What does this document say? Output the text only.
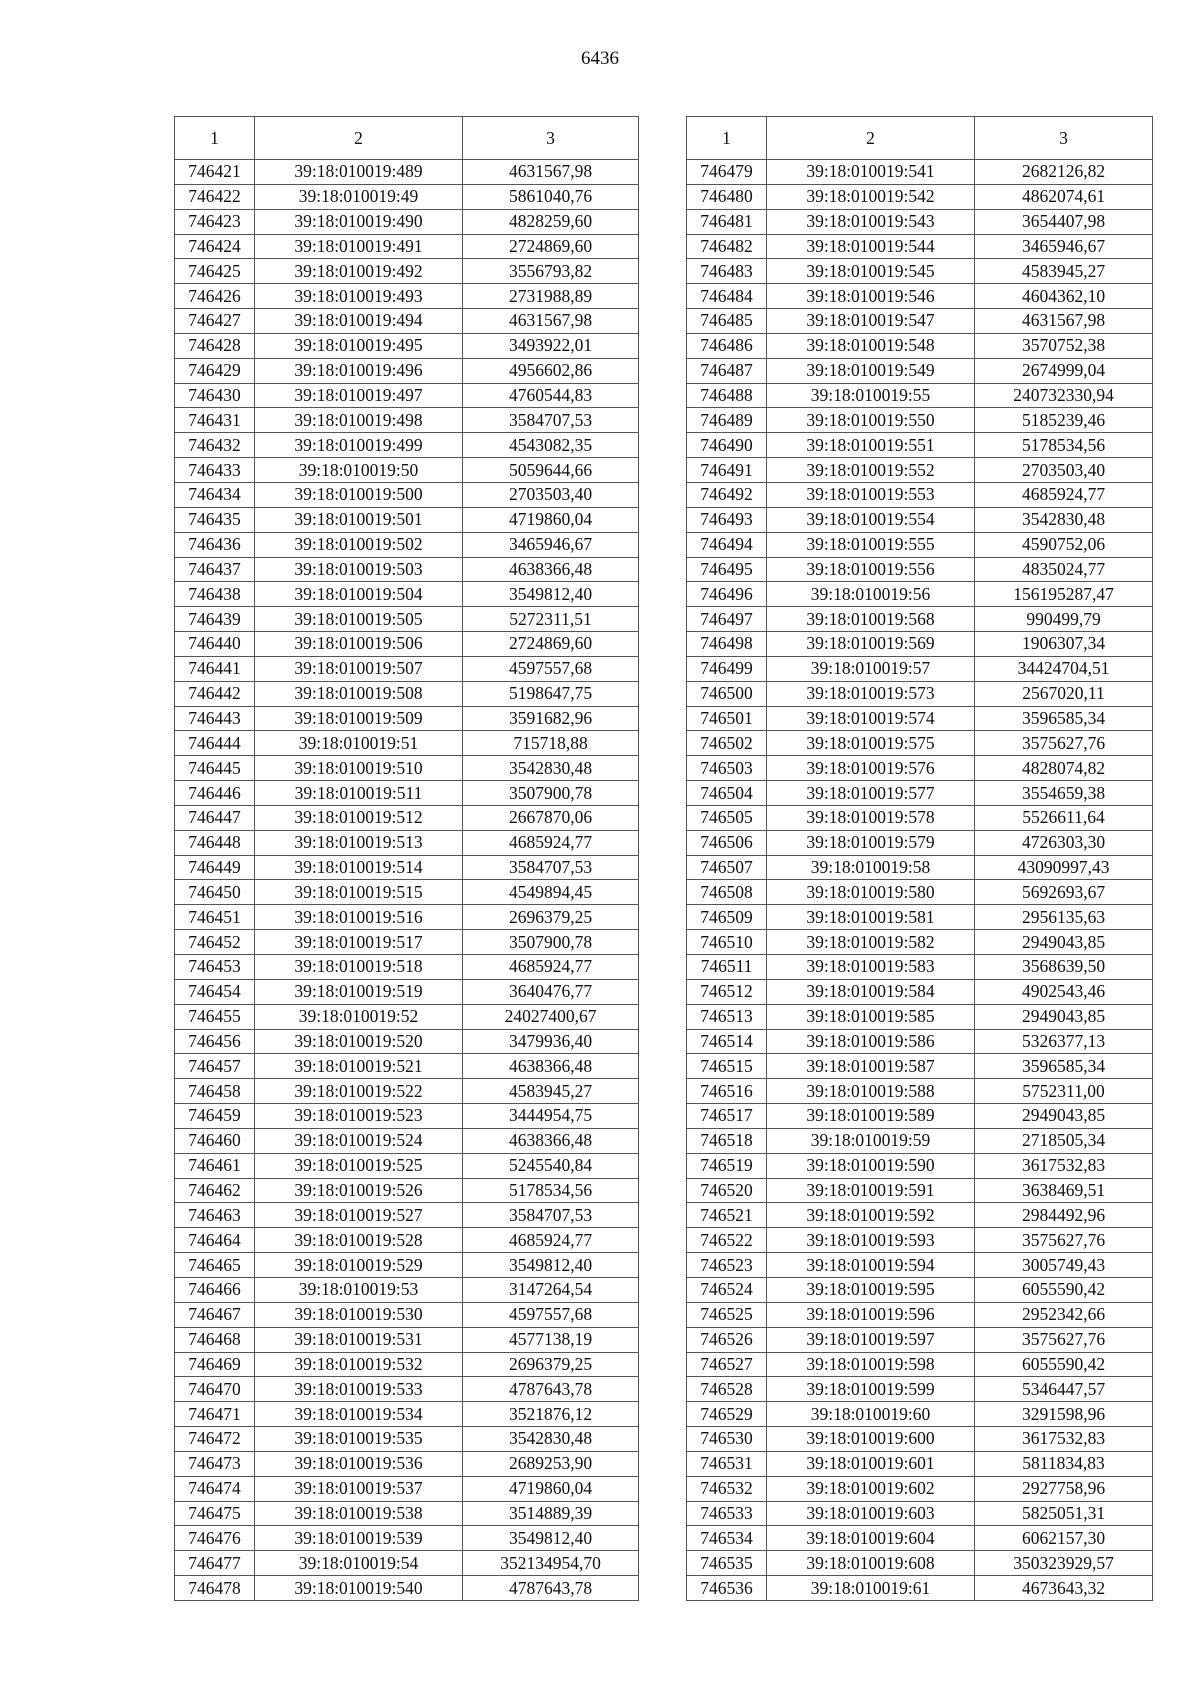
6436
1	2	3
746421	39:18:010019:489	4631567,98
746422	39:18:010019:49	5861040,76
746423	39:18:010019:490	4828259,60
746424	39:18:010019:491	2724869,60
746425	39:18:010019:492	3556793,82
746426	39:18:010019:493	2731988,89
746427	39:18:010019:494	4631567,98
746428	39:18:010019:495	3493922,01
746429	39:18:010019:496	4956602,86
746430	39:18:010019:497	4760544,83
746431	39:18:010019:498	3584707,53
746432	39:18:010019:499	4543082,35
746433	39:18:010019:50	5059644,66
746434	39:18:010019:500	2703503,40
746435	39:18:010019:501	4719860,04
746436	39:18:010019:502	3465946,67
746437	39:18:010019:503	4638366,48
746438	39:18:010019:504	3549812,40
746439	39:18:010019:505	5272311,51
746440	39:18:010019:506	2724869,60
746441	39:18:010019:507	4597557,68
746442	39:18:010019:508	5198647,75
746443	39:18:010019:509	3591682,96
746444	39:18:010019:51	715718,88
746445	39:18:010019:510	3542830,48
746446	39:18:010019:511	3507900,78
746447	39:18:010019:512	2667870,06
746448	39:18:010019:513	4685924,77
746449	39:18:010019:514	3584707,53
746450	39:18:010019:515	4549894,45
746451	39:18:010019:516	2696379,25
746452	39:18:010019:517	3507900,78
746453	39:18:010019:518	4685924,77
746454	39:18:010019:519	3640476,77
746455	39:18:010019:52	24027400,67
746456	39:18:010019:520	3479936,40
746457	39:18:010019:521	4638366,48
746458	39:18:010019:522	4583945,27
746459	39:18:010019:523	3444954,75
746460	39:18:010019:524	4638366,48
746461	39:18:010019:525	5245540,84
746462	39:18:010019:526	5178534,56
746463	39:18:010019:527	3584707,53
746464	39:18:010019:528	4685924,77
746465	39:18:010019:529	3549812,40
746466	39:18:010019:53	3147264,54
746467	39:18:010019:530	4597557,68
746468	39:18:010019:531	4577138,19
746469	39:18:010019:532	2696379,25
746470	39:18:010019:533	4787643,78
746471	39:18:010019:534	3521876,12
746472	39:18:010019:535	3542830,48
746473	39:18:010019:536	2689253,90
746474	39:18:010019:537	4719860,04
746475	39:18:010019:538	3514889,39
746476	39:18:010019:539	3549812,40
746477	39:18:010019:54	352134954,70
746478	39:18:010019:540	4787643,78
1	2	3
746479	39:18:010019:541	2682126,82
746480	39:18:010019:542	4862074,61
746481	39:18:010019:543	3654407,98
746482	39:18:010019:544	3465946,67
746483	39:18:010019:545	4583945,27
746484	39:18:010019:546	4604362,10
746485	39:18:010019:547	4631567,98
746486	39:18:010019:548	3570752,38
746487	39:18:010019:549	2674999,04
746488	39:18:010019:55	240732330,94
746489	39:18:010019:550	5185239,46
746490	39:18:010019:551	5178534,56
746491	39:18:010019:552	2703503,40
746492	39:18:010019:553	4685924,77
746493	39:18:010019:554	3542830,48
746494	39:18:010019:555	4590752,06
746495	39:18:010019:556	4835024,77
746496	39:18:010019:56	156195287,47
746497	39:18:010019:568	990499,79
746498	39:18:010019:569	1906307,34
746499	39:18:010019:57	34424704,51
746500	39:18:010019:573	2567020,11
746501	39:18:010019:574	3596585,34
746502	39:18:010019:575	3575627,76
746503	39:18:010019:576	4828074,82
746504	39:18:010019:577	3554659,38
746505	39:18:010019:578	5526611,64
746506	39:18:010019:579	4726303,30
746507	39:18:010019:58	43090997,43
746508	39:18:010019:580	5692693,67
746509	39:18:010019:581	2956135,63
746510	39:18:010019:582	2949043,85
746511	39:18:010019:583	3568639,50
746512	39:18:010019:584	4902543,46
746513	39:18:010019:585	2949043,85
746514	39:18:010019:586	5326377,13
746515	39:18:010019:587	3596585,34
746516	39:18:010019:588	5752311,00
746517	39:18:010019:589	2949043,85
746518	39:18:010019:59	2718505,34
746519	39:18:010019:590	3617532,83
746520	39:18:010019:591	3638469,51
746521	39:18:010019:592	2984492,96
746522	39:18:010019:593	3575627,76
746523	39:18:010019:594	3005749,43
746524	39:18:010019:595	6055590,42
746525	39:18:010019:596	2952342,66
746526	39:18:010019:597	3575627,76
746527	39:18:010019:598	6055590,42
746528	39:18:010019:599	5346447,57
746529	39:18:010019:60	3291598,96
746530	39:18:010019:600	3617532,83
746531	39:18:010019:601	5811834,83
746532	39:18:010019:602	2927758,96
746533	39:18:010019:603	5825051,31
746534	39:18:010019:604	6062157,30
746535	39:18:010019:608	350323929,57
746536	39:18:010019:61	4673643,32
